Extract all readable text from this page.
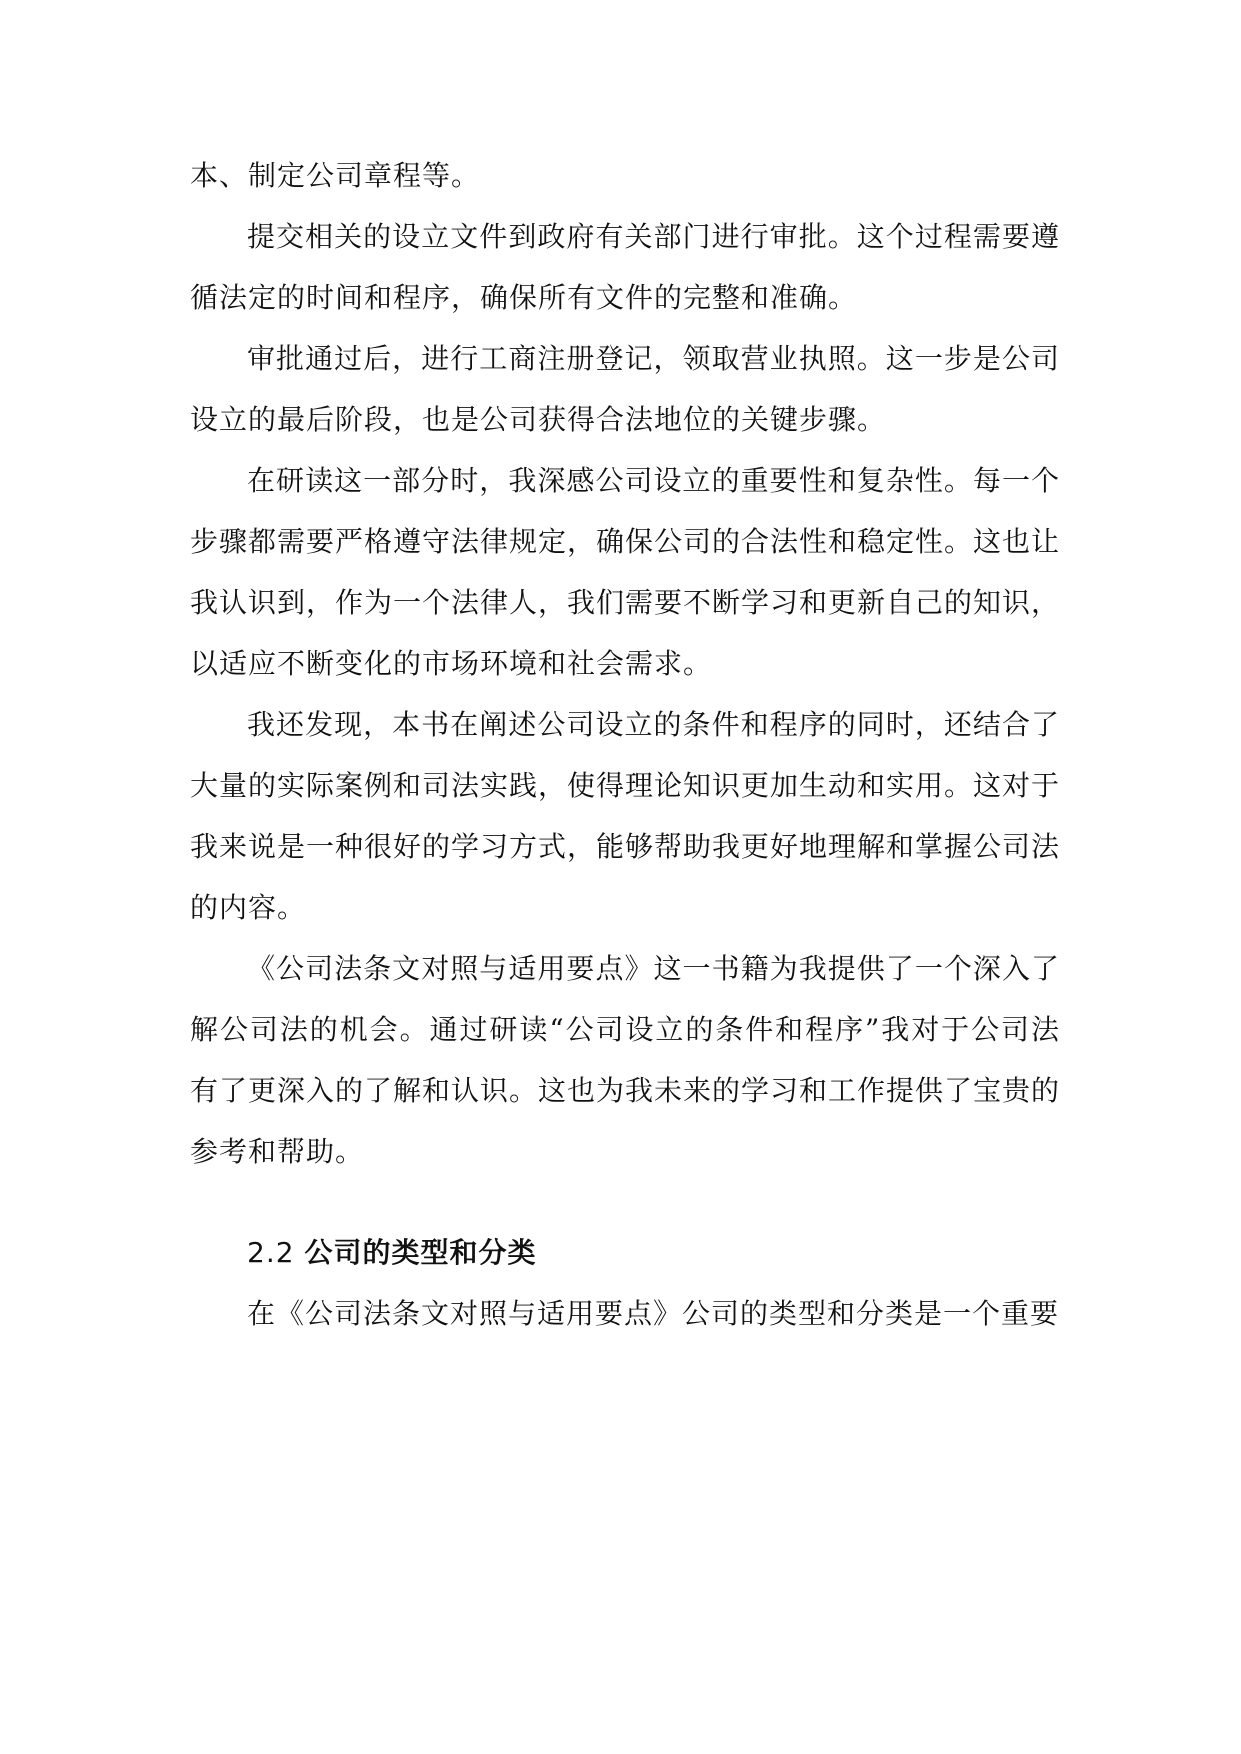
本、制定公司章程等。

提交相关的设立文件到政府有关部门进行审批。这个过程需要遵循法定的时间和程序，确保所有文件的完整和准确。

审批通过后，进行工商注册登记，领取营业执照。这一步是公司设立的最后阶段，也是公司获得合法地位的关键步骤。

在研读这一部分时，我深感公司设立的重要性和复杂性。每一个步骤都需要严格遵守法律规定，确保公司的合法性和稳定性。这也让我认识到，作为一个法律人，我们需要不断学习和更新自己的知识，以适应不断变化的市场环境和社会需求。

我还发现，本书在阐述公司设立的条件和程序的同时，还结合了大量的实际案例和司法实践，使得理论知识更加生动和实用。这对于我来说是一种很好的学习方式，能够帮助我更好地理解和掌握公司法的内容。

《公司法条文对照与适用要点》这一书籍为我提供了一个深入了解公司法的机会。通过研读“公司设立的条件和程序”我对于公司法有了更深入的了解和认识。这也为我未来的学习和工作提供了宝贵的参考和帮助。

2.2 公司的类型和分类

在《公司法条文对照与适用要点》公司的类型和分类是一个重要
